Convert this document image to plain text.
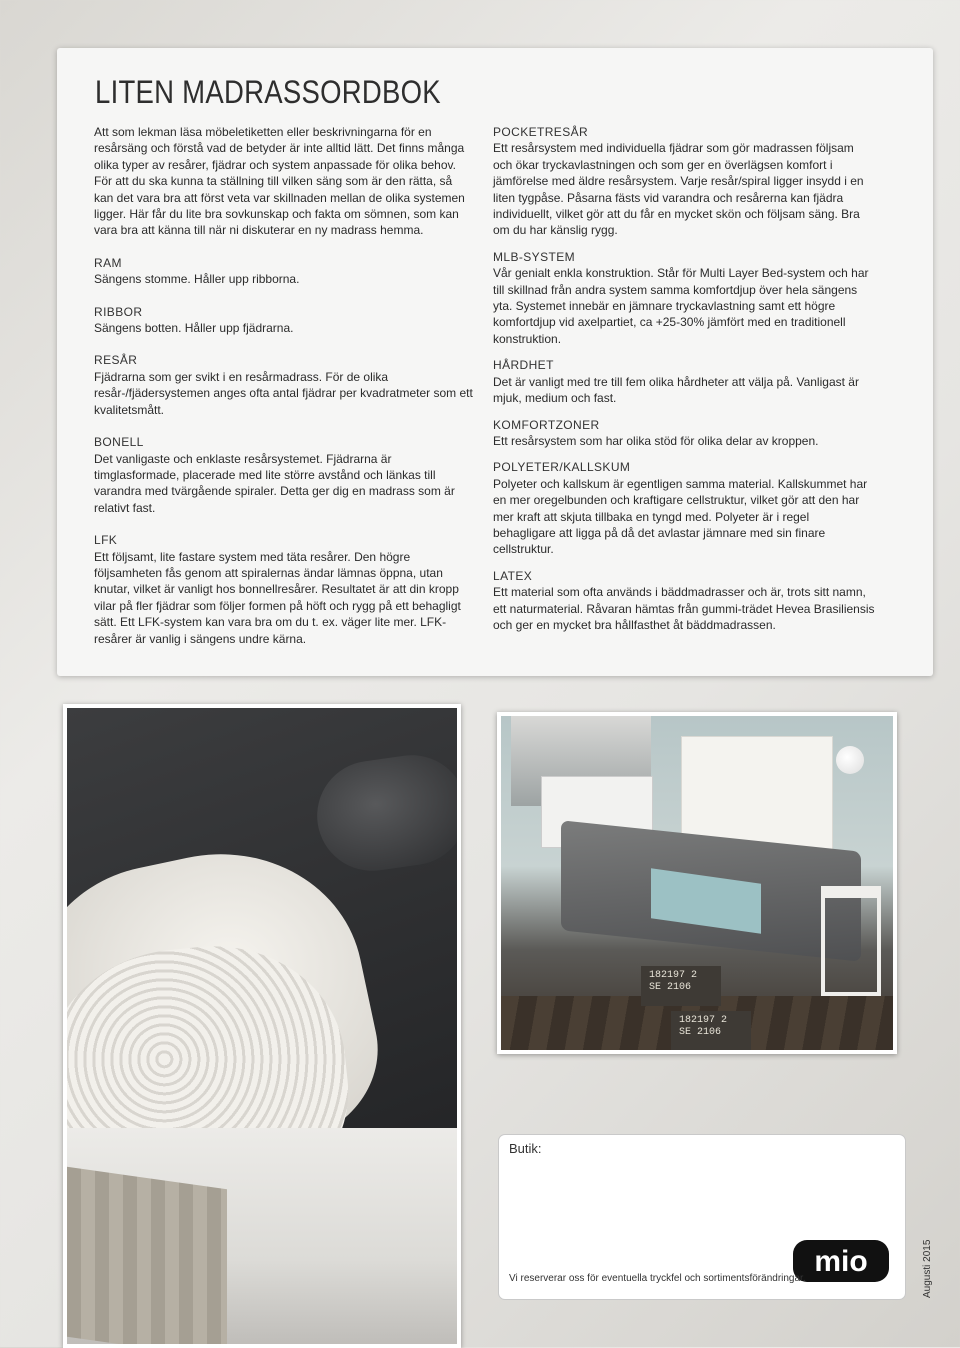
LITEN MADRASSORDBOK

Att som lekman läsa möbeletiketten eller beskrivningarna för en resårsäng och förstå vad de betyder är inte alltid lätt. Det finns många olika typer av resårer, fjädrar och system anpassade för olika behov. För att du ska kunna ta ställning till vilken säng som är den rätta, så kan det vara bra att först veta var skillnaden mellan de olika systemen ligger. Här får du lite bra sovkunskap och fakta om sömnen, som kan vara bra att känna till när ni diskuterar en ny madrass hemma.

RAM

Sängens stomme. Håller upp ribborna.

RIBBOR

Sängens botten. Håller upp fjädrarna.

RESÅR

Fjädrarna som ger svikt i en resårmadrass. För de olika resår-/fjädersystemen anges ofta antal fjädrar per kvadratmeter som ett kvalitetsmått.

BONELL

Det vanligaste och enklaste resårsystemet. Fjädrarna är timglasformade, placerade med lite större avstånd och länkas till varandra med tvärgående spiraler. Detta ger dig en madrass som är relativt fast.

LFK

Ett följsamt, lite fastare system med täta resårer. Den högre följsamheten fås genom att spiralernas ändar lämnas öppna, utan knutar, vilket är vanligt hos bonnellresårer. Resultatet är att din kropp vilar på fler fjädrar som följer formen på höft och rygg på ett behagligt sätt. Ett LFK-system kan vara bra om du t. ex. väger lite mer. LFK-resårer är vanlig i sängens undre kärna.

POCKETRESÅR

Ett resårsystem med individuella fjädrar som gör madrassen följsam och ökar tryckavlastningen och som ger en överlägsen komfort i jämförelse med äldre resårsystem. Varje resår/spiral ligger insydd i en liten tygpåse. Påsarna fästs vid varandra och resårerna kan fjädra individuellt, vilket gör att du får en mycket skön och följsam säng. Bra om du har känslig rygg.

MLB-SYSTEM

Vår genialt enkla konstruktion. Står för Multi Layer Bed-system och har till skillnad från andra system samma komfortdjup över hela sängens yta. Systemet innebär en jämnare tryckavlastning samt ett högre komfortdjup vid axelpartiet, ca +25-30% jämfört med en traditionell konstruktion.

HÅRDHET

Det är vanligt med tre till fem olika hårdheter att välja på. Vanligast är mjuk, medium och fast.

KOMFORTZONER

Ett resårsystem som har olika stöd för olika delar av kroppen.

POLYETER/KALLSKUM

Polyeter och kallskum är egentligen samma material. Kallskummet har en mer oregelbunden och kraftigare cellstruktur, vilket gör att den har mer kraft att skjuta tillbaka en tyngd med. Polyeter är i regel behagligare att ligga på då det avlastar jämnare med sin finare cellstruktur.

LATEX

Ett material som ofta används i bäddmadrasser och är, trots sitt namn, ett naturmaterial. Råvaran hämtas från gummi-trädet Hevea Brasiliensis och ger en mycket bra hållfasthet åt bäddmadrassen.

182197 2
SE 2106
182197 2
SE 2106
Butik:
mio
Vi reserverar oss för eventuella tryckfel och sortimentsförändringar.	Augusti 2015
